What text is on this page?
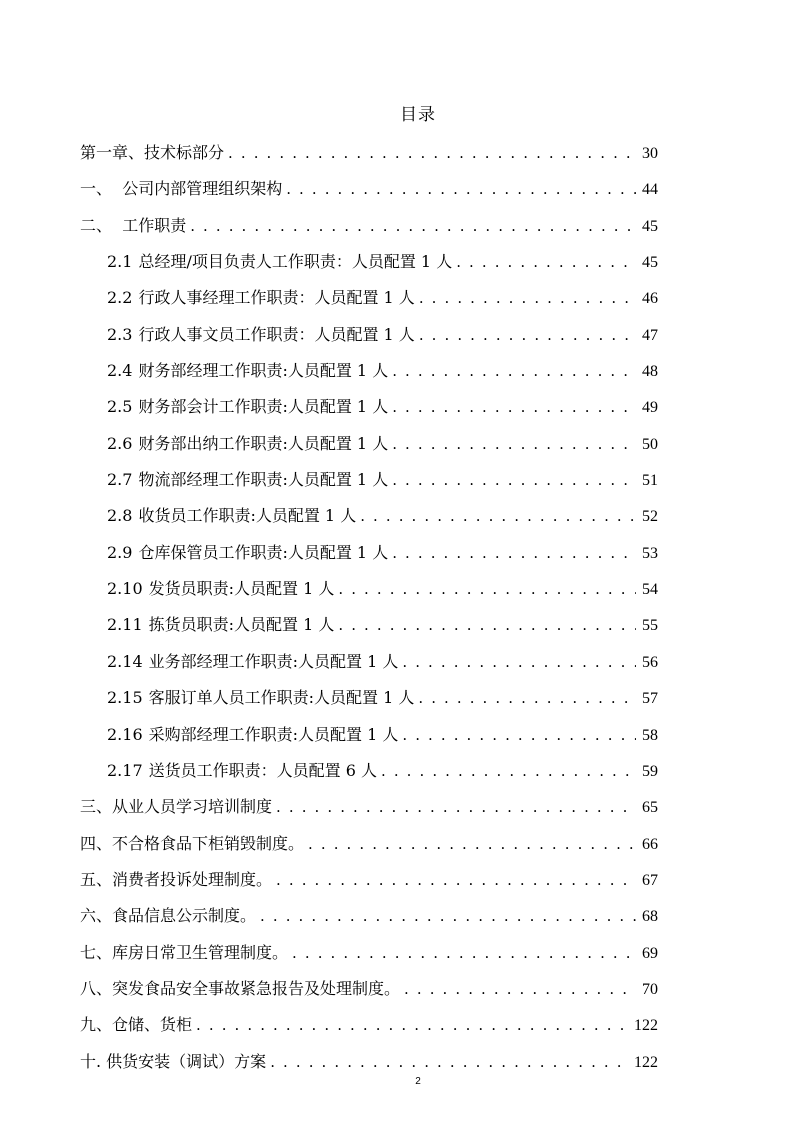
目录
第一章、技术标部分 . . .	30
一、 公司内部管理组织架构 . . .	44
二、 工作职责 . . .	45
2.1 总经理/项目负责人工作职责：人员配置 1 人 . . .	45
2.2 行政人事经理工作职责：人员配置 1 人 . . .	46
2.3 行政人事文员工作职责：人员配置 1 人 . . .	47
2.4 财务部经理工作职责:人员配置 1 人 . . .	48
2.5 财务部会计工作职责:人员配置 1 人 . . .	49
2.6 财务部出纳工作职责:人员配置 1 人 . . .	50
2.7 物流部经理工作职责:人员配置 1 人 . . .	51
2.8 收货员工作职责:人员配置 1 人 . . .	52
2.9 仓库保管员工作职责:人员配置 1 人 . . .	53
2.10 发货员职责:人员配置 1 人 . . .	54
2.11 拣货员职责:人员配置 1 人 . . .	55
2.14 业务部经理工作职责:人员配置 1 人 . . .	56
2.15 客服订单人员工作职责:人员配置 1 人 . . .	57
2.16 采购部经理工作职责:人员配置 1 人 . . .	58
2.17 送货员工作职责：人员配置 6 人 . . .	59
三、从业人员学习培训制度 . . .	65
四、不合格食品下柜销毁制度。 . . .	66
五、消费者投诉处理制度。 . . .	67
六、食品信息公示制度。 . . .	68
七、库房日常卫生管理制度。 . . .	69
八、突发食品安全事故紧急报告及处理制度。 . . .	70
九、仓储、货柜 . . .	122
十. 供货安装（调试）方案 . . .	122
2
